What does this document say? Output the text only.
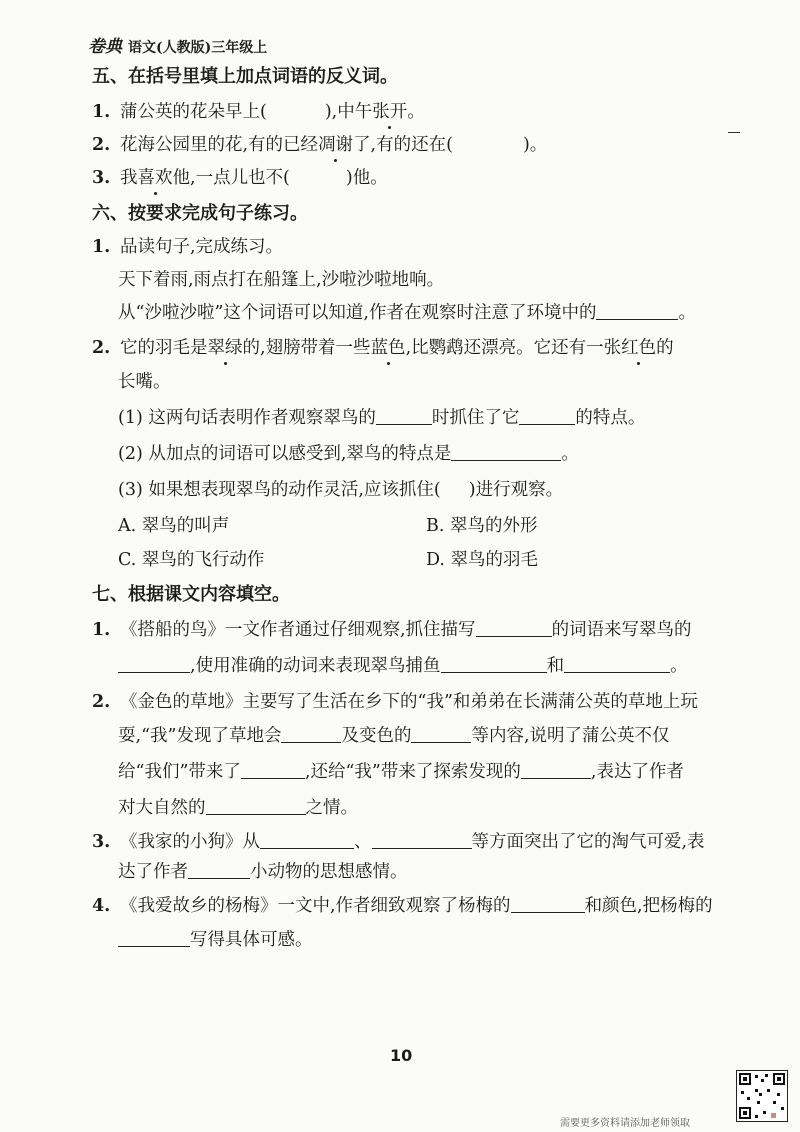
卷典 语文(人教版)三年级上
五、在括号里填上加点词语的反义词。
1. 蒲公英的花朵早上(	),中午张开。
2. 花海公园里的花,有的已经凋谢了,有的还在(	)。
3. 我喜欢他,一点儿也不(	)他。
六、按要求完成句子练习。
1. 品读句子,完成练习。
天下着雨,雨点打在船篷上,沙啦沙啦地响。
从“沙啦沙啦”这个词语可以知道,作者在观察时注意了环境中的	。
2. 它的羽毛是翠绿的,翅膀带着一些蓝色,比鹦鹉还漂亮。它还有一张红色的
长嘴。
(1) 这两句话表明作者观察翠鸟的	时抓住了它	的特点。
(2) 从加点的词语可以感受到,翠鸟的特点是	。
(3) 如果想表现翠鸟的动作灵活,应该抓住( )进行观察。
A. 翠鸟的叫声	B. 翠鸟的外形
C. 翠鸟的飞行动作	D. 翠鸟的羽毛
七、根据课文内容填空。
1. 《搭船的鸟》一文作者通过仔细观察,抓住描写	的词语来写翠鸟的
,使用准确的动词来表现翠鸟捕鱼	和	。
2. 《金色的草地》主要写了生活在乡下的“我”和弟弟在长满蒲公英的草地上玩
耍,“我”发现了草地会	及变色的	等内容,说明了蒲公英不仅
给“我们”带来了	,还给“我”带来了探索发现的	,表达了作者
对大自然的	之情。
3. 《我家的小狗》从	、	等方面突出了它的淘气可爱,表
达了作者	小动物的思想感情。
4. 《我爱故乡的杨梅》一文中,作者细致观察了杨梅的	和颜色,把杨梅的
写得具体可感。
10
需要更多资料请添加老师领取
